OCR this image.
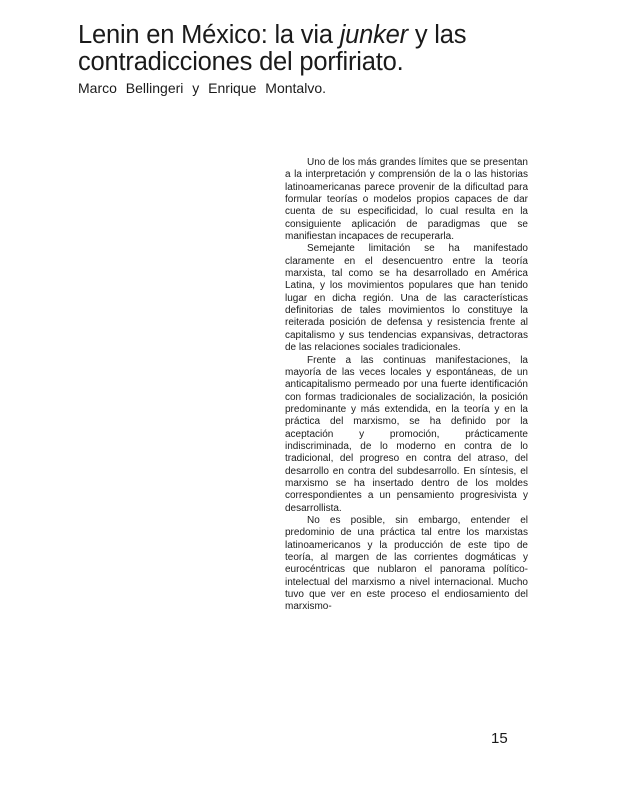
Lenin en México: la via junker y las
contradicciones del porfiriato.
Marco Bellingeri y Enrique Montalvo.

Uno de los más grandes límites que se presentan a la interpretación y comprensión de la o las historias latinoamericanas parece provenir de la dificultad para formular teorías o modelos propios capaces de dar cuenta de su especificidad, lo cual resulta en la consiguiente aplicación de paradigmas que se manifiestan incapaces de recuperarla.

Semejante limitación se ha manifestado claramente en el desencuentro entre la teoría marxista, tal como se ha desarrollado en América Latina, y los movimientos populares que han tenido lugar en dicha región. Una de las características definitorias de tales movimientos lo constituye la reiterada posición de defensa y resistencia frente al capitalismo y sus tendencias expansivas, detractoras de las relaciones sociales tradicionales.

Frente a las continuas manifestaciones, la mayoría de las veces locales y espontáneas, de un anticapitalismo permeado por una fuerte identificación con formas tradicionales de socialización, la posición predominante y más extendida, en la teoría y en la práctica del marxismo, se ha definido por la aceptación y promoción, prácticamente indiscriminada, de lo moderno en contra de lo tradicional, del progreso en contra del atraso, del desarrollo en contra del subdesarrollo. En síntesis, el marxismo se ha insertado dentro de los moldes correspondientes a un pensamiento progresivista y desarrollista.

No es posible, sin embargo, entender el predominio de una práctica tal entre los marxistas latinoamericanos y la producción de este tipo de teoría, al margen de las corrientes dogmáticas y eurocéntricas que nublaron el panorama político-intelectual del marxismo a nivel internacional. Mucho tuvo que ver en este proceso el endiosamiento del marxismo-

15
